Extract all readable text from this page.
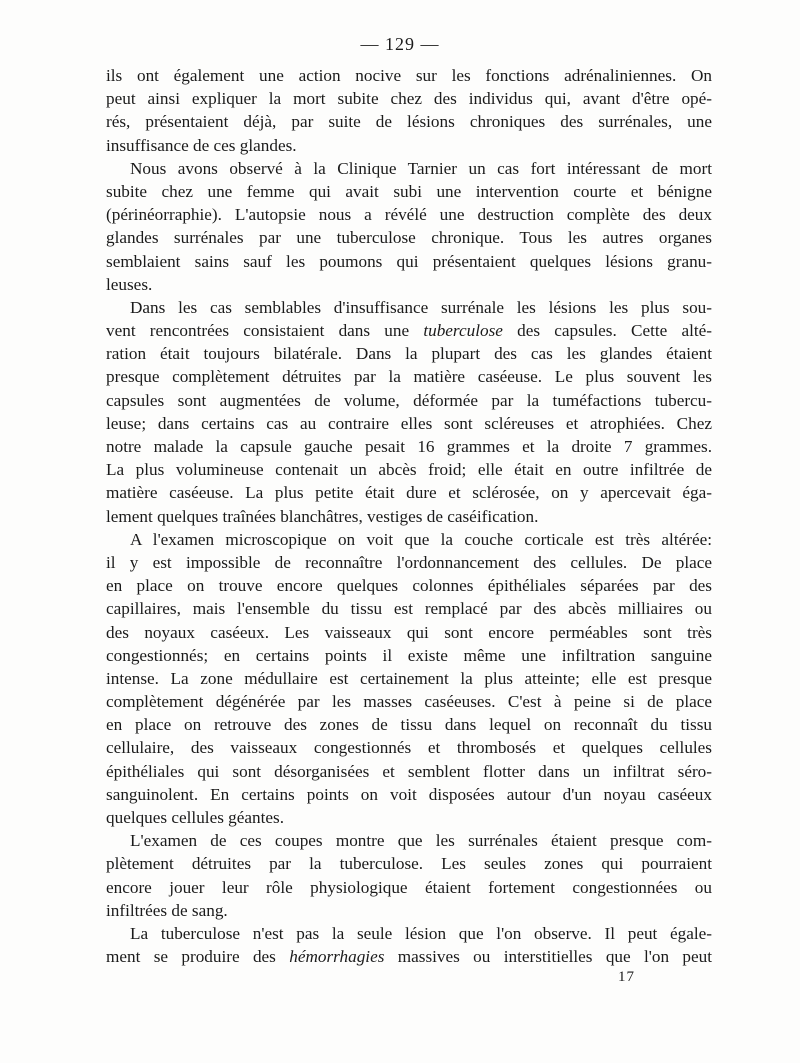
— 129 —
ils ont également une action nocive sur les fonctions adrénaliniennes. On
peut ainsi expliquer la mort subite chez des individus qui, avant d'être opé-
rés, présentaient déjà, par suite de lésions chroniques des surrénales, une
insuffisance de ces glandes.
Nous avons observé à la Clinique Tarnier un cas fort intéressant de mort
subite chez une femme qui avait subi une intervention courte et bénigne
(périnéorraphie). L'autopsie nous a révélé une destruction complète des deux
glandes surrénales par une tuberculose chronique. Tous les autres organes
semblaient sains sauf les poumons qui présentaient quelques lésions granu-
leuses.
Dans les cas semblables d'insuffisance surrénale les lésions les plus sou-
vent rencontrées consistaient dans une tuberculose des capsules. Cette alté-
ration était toujours bilatérale. Dans la plupart des cas les glandes étaient
presque complètement détruites par la matière caséeuse. Le plus souvent les
capsules sont augmentées de volume, déformée par la tuméfactions tubercu-
leuse; dans certains cas au contraire elles sont scléreuses et atrophiées. Chez
notre malade la capsule gauche pesait 16 grammes et la droite 7 grammes.
La plus volumineuse contenait un abcès froid; elle était en outre infiltrée de
matière caséeuse. La plus petite était dure et sclérosée, on y apercevait éga-
lement quelques traînées blanchâtres, vestiges de caséification.
A l'examen microscopique on voit que la couche corticale est très altérée:
il y est impossible de reconnaître l'ordonnancement des cellules. De place
en place on trouve encore quelques colonnes épithéliales séparées par des
capillaires, mais l'ensemble du tissu est remplacé par des abcès milliaires ou
des noyaux caséeux. Les vaisseaux qui sont encore perméables sont très
congestionnés; en certains points il existe même une infiltration sanguine
intense. La zone médullaire est certainement la plus atteinte; elle est presque
complètement dégénérée par les masses caséeuses. C'est à peine si de place
en place on retrouve des zones de tissu dans lequel on reconnaît du tissu
cellulaire, des vaisseaux congestionnés et thrombosés et quelques cellules
épithéliales qui sont désorganisées et semblent flotter dans un infiltrat séro-
sanguinolent. En certains points on voit disposées autour d'un noyau caséeux
quelques cellules géantes.
L'examen de ces coupes montre que les surrénales étaient presque com-
plètement détruites par la tuberculose. Les seules zones qui pourraient
encore jouer leur rôle physiologique étaient fortement congestionnées ou
infiltrées de sang.
La tuberculose n'est pas la seule lésion que l'on observe. Il peut égale-
ment se produire des hémorrhagies massives ou interstitielles que l'on peut
17
